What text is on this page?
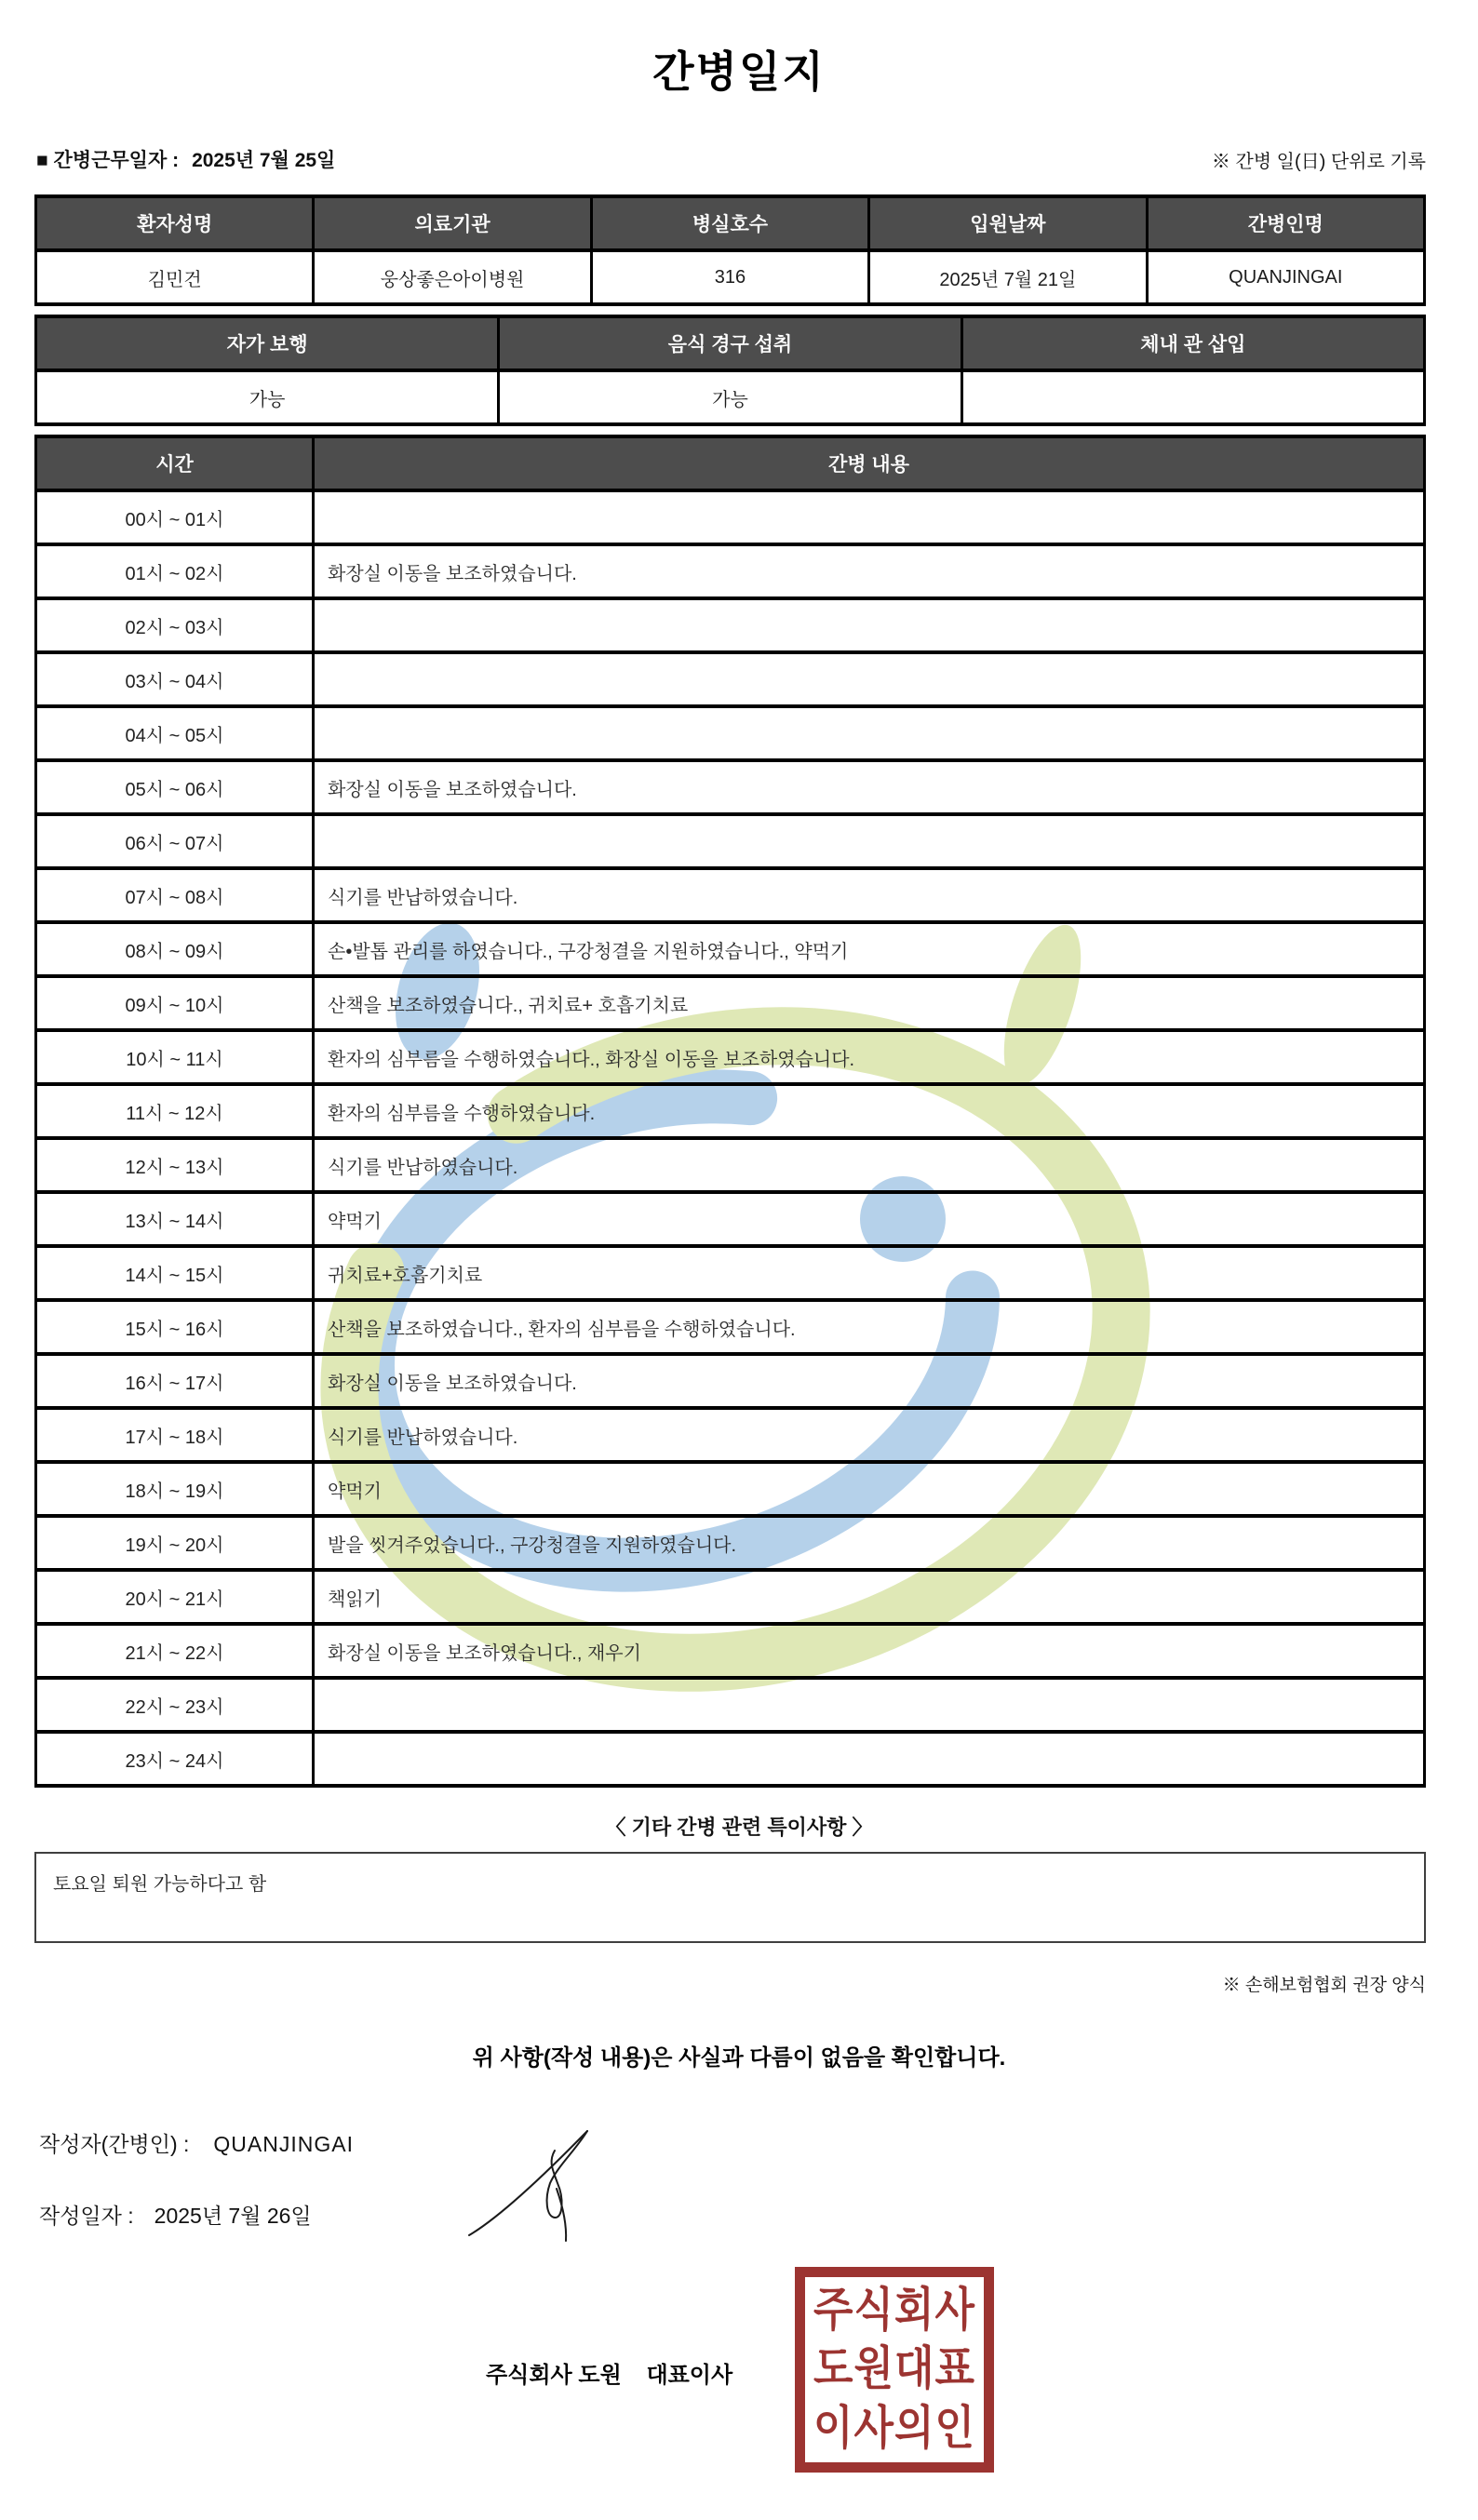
간병일지
■ 간병근무일자 : 2025년 7월 25일	※ 간병 일(日) 단위로 기록
환자성명	의료기관	병실호수	입원날짜	간병인명
김민건	웅상좋은아이병원	316	2025년 7월 21일	QUANJINGAI
자가 보행	음식 경구 섭취	체내 관 삽입
가능	가능	
시간	간병 내용
00시 ~ 01시	
01시 ~ 02시	화장실 이동을 보조하였습니다.
02시 ~ 03시	
03시 ~ 04시	
04시 ~ 05시	
05시 ~ 06시	화장실 이동을 보조하였습니다.
06시 ~ 07시	
07시 ~ 08시	식기를 반납하였습니다.
08시 ~ 09시	손•발톱 관리를 하였습니다., 구강청결을 지원하였습니다., 약먹기
09시 ~ 10시	산책을 보조하였습니다., 귀치료+ 호흡기치료
10시 ~ 11시	환자의 심부름을 수행하였습니다., 화장실 이동을 보조하였습니다.
11시 ~ 12시	환자의 심부름을 수행하였습니다.
12시 ~ 13시	식기를 반납하였습니다.
13시 ~ 14시	약먹기
14시 ~ 15시	귀치료+호흡기치료
15시 ~ 16시	산책을 보조하였습니다., 환자의 심부름을 수행하였습니다.
16시 ~ 17시	화장실 이동을 보조하였습니다.
17시 ~ 18시	식기를 반납하였습니다.
18시 ~ 19시	약먹기
19시 ~ 20시	발을 씻겨주었습니다., 구강청결을 지원하였습니다.
20시 ~ 21시	책읽기
21시 ~ 22시	화장실 이동을 보조하였습니다., 재우기
22시 ~ 23시	
23시 ~ 24시	
〈 기타 간병 관련 특이사항 〉
토요일 퇴원 가능하다고 함
※ 손해보험협회 권장 양식
위 사항(작성 내용)은 사실과 다름이 없음을 확인합니다.
작성자(간병인) : QUANJINGAI
작성일자 : 2025년 7월 26일
주식회사 도원    대표이사
주식회사
도원대표
이사의인
